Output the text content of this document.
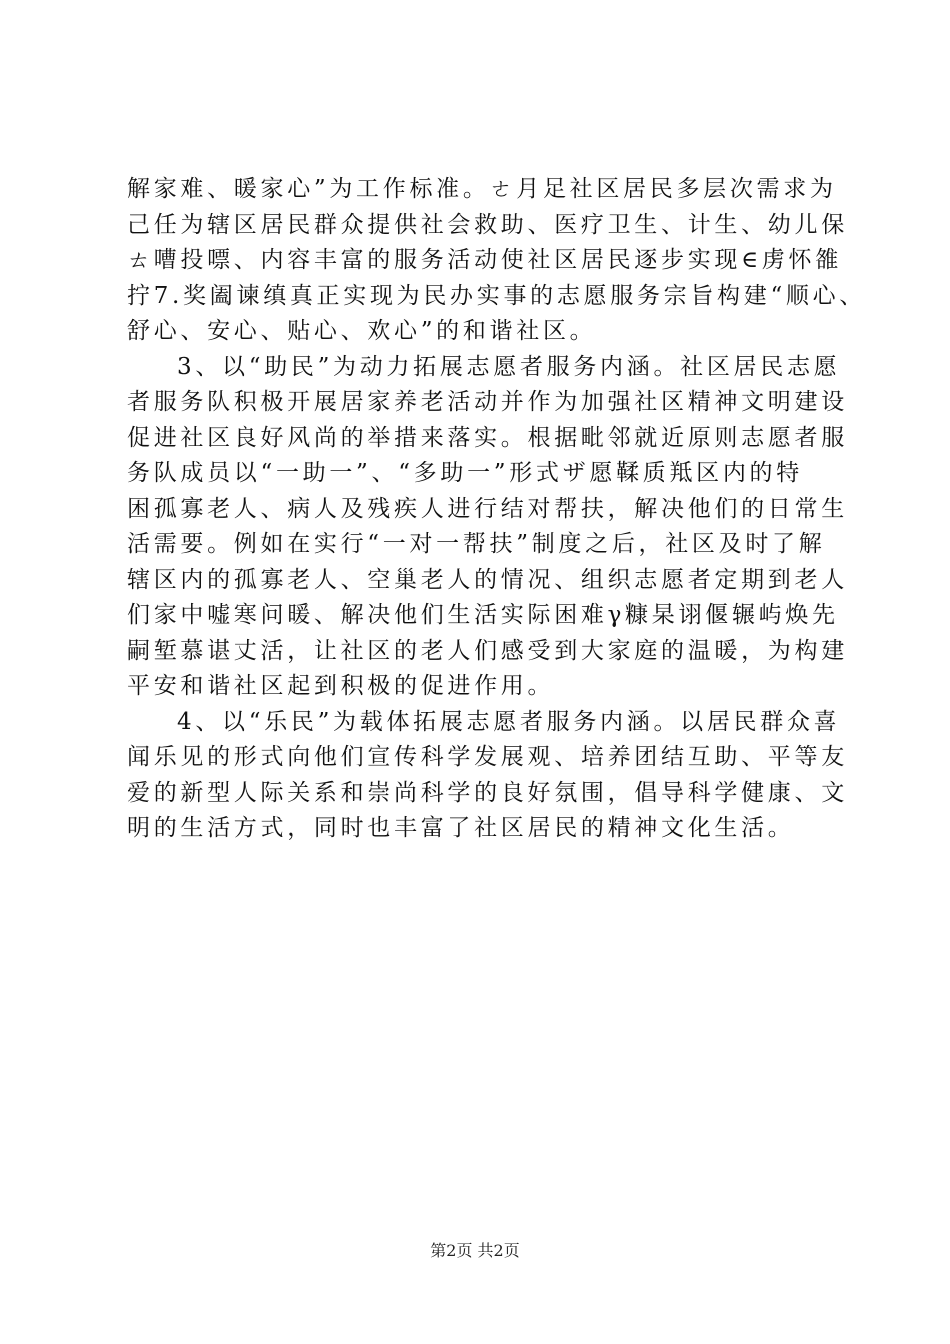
解家难、暖家心”为工作标准。ㄜ月足社区居民多层次需求为
己任为辖区居民群众提供社会救助、医疗卫生、计生、幼儿保
ㄊ嘈投嘌、内容丰富的服务活动使社区居民逐步实现∈虏怀雒
拧7.奖阖谏缜真正实现为民办实事的志愿服务宗旨构建“顺心、
舒心、安心、贴心、欢心”的和谐社区。
3、以“助民”为动力拓展志愿者服务内涵。社区居民志愿
者服务队积极开展居家养老活动并作为加强社区精神文明建设
促进社区良好风尚的举措来落实。根据毗邻就近原则志愿者服
务队成员以“一助一”、“多助一”形式ザ愿鞣质羝区内的特
困孤寡老人、病人及残疾人进行结对帮扶，解决他们的日常生
活需要。例如在实行“一对一帮扶”制度之后，社区及时了解
辖区内的孤寡老人、空巢老人的情况、组织志愿者定期到老人
们家中嘘寒问暖、解决他们生活实际困难γ糠杲诩偃辗屿焕先
嗣堑慕谌丈活，让社区的老人们感受到大家庭的温暖，为构建
平安和谐社区起到积极的促进作用。
4、以“乐民”为载体拓展志愿者服务内涵。以居民群众喜
闻乐见的形式向他们宣传科学发展观、培养团结互助、平等友
爱的新型人际关系和崇尚科学的良好氛围，倡导科学健康、文
明的生活方式，同时也丰富了社区居民的精神文化生活。
第2页 共2页
